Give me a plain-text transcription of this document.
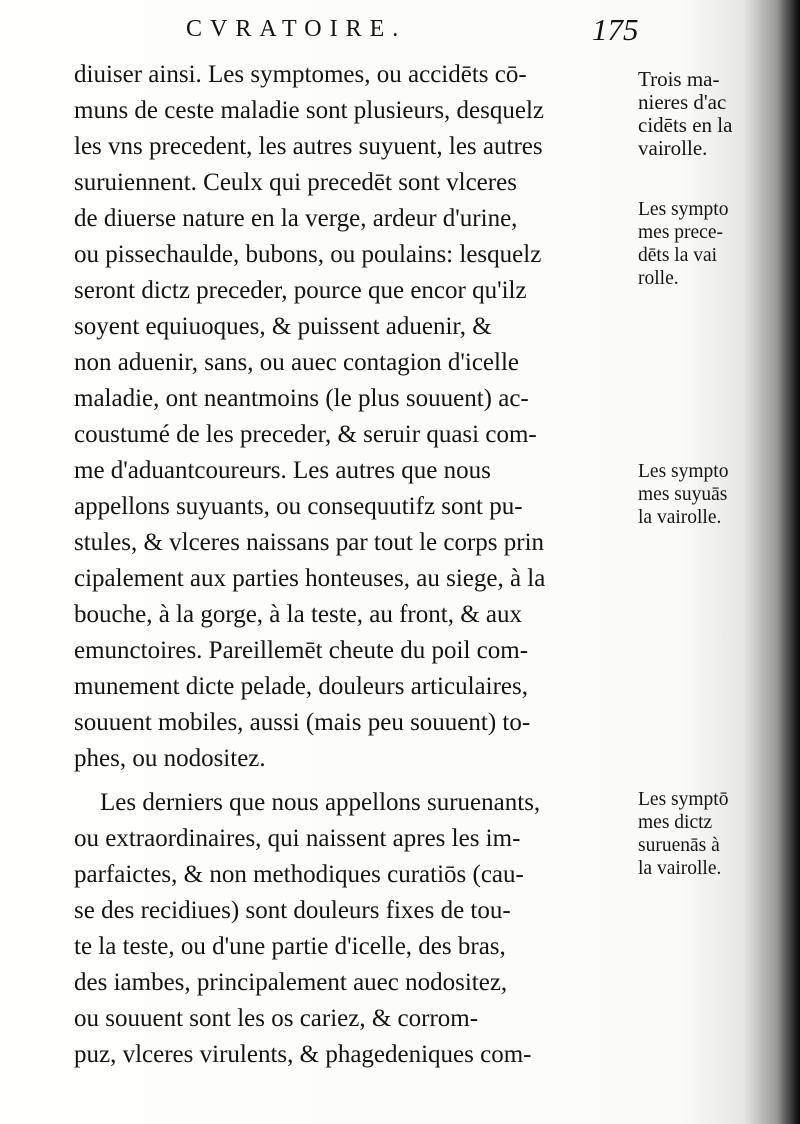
CVRATOIRE.	175
diuiser ainsi. Les symptomes, ou accidēts cō-
muns de ceste maladie sont plusieurs, desquelz
les vns precedent, les autres suyuent, les autres
suruiennent. Ceulx qui precedēt sont vlceres
de diuerse nature en la verge, ardeur d'urine,
ou pissechaulde, bubons, ou poulains: lesquelz
seront dictz preceder, pource que encor qu'ilz
soyent equiuoques, & puissent aduenir, &
non aduenir, sans, ou auec contagion d'icelle
maladie, ont neantmoins (le plus souuent) ac-
coustumé de les preceder, & seruir quasi com-
me d'aduantcoureurs. Les autres que nous
appellons suyuants, ou consequutifz sont pu-
stules, & vlceres naissans par tout le corps prin
cipalement aux parties honteuses, au siege, à la
bouche, à la gorge, à la teste, au front, & aux
emunctoires. Pareillemēt cheute du poil com-
munement dicte pelade, douleurs articulaires,
souuent mobiles, aussi (mais peu souuent) to-
phes, ou nodositez.
Les derniers que nous appellons suruenants,
ou extraordinaires, qui naissent apres les im-
parfaictes, & non methodiques curatiōs (cau-
se des recidiues) sont douleurs fixes de tou-
te la teste, ou d'une partie d'icelle, des bras,
des iambes, principalement auec nodositez,
ou souuent sont les os cariez, & corrom-
puz, vlceres virulents, & phagedeniques com-
Trois ma-
nieres d'ac
cidēts en la
vairolle.
Les sympto
mes prece-
dēts la vai
rolle.
Les sympto
mes suyuās
la vairolle.
Les symptō
mes dictz
suruenās à
la vairolle.
